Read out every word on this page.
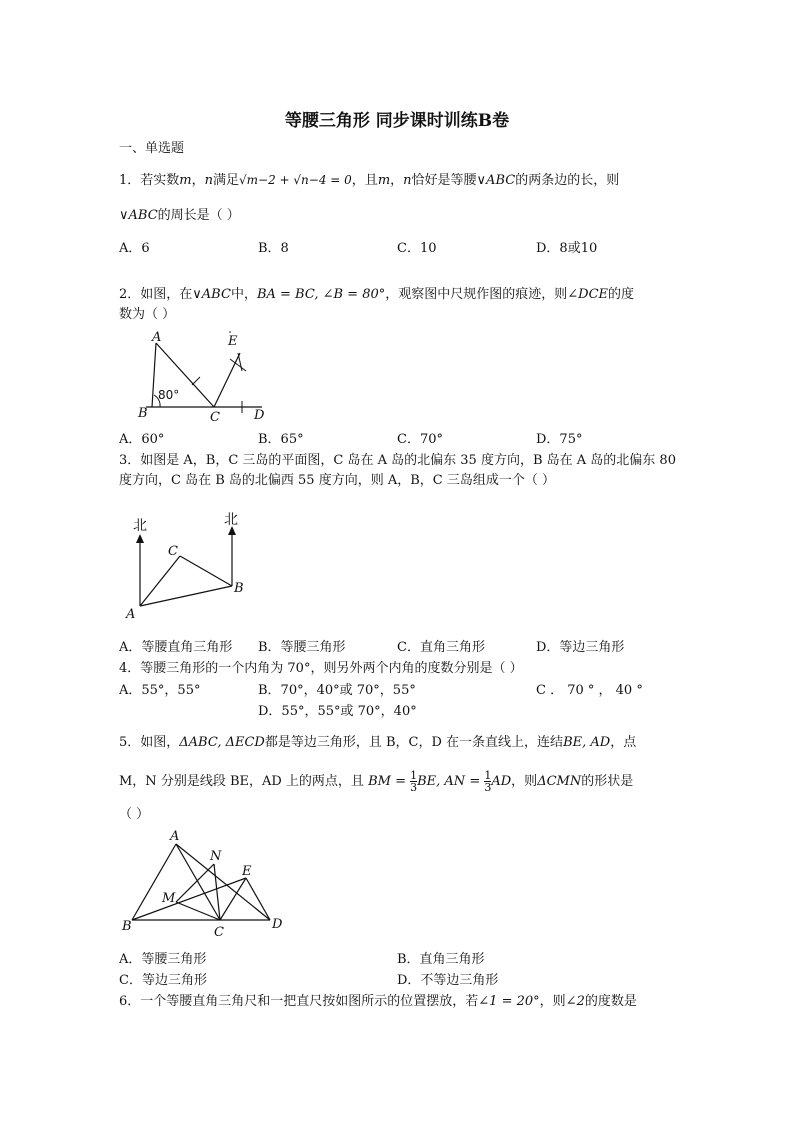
等腰三角形 同步课时训练B卷
一、单选题
1．若实数m，n满足√m−2 + √n−4 = 0，且m，n恰好是等腰∨ABC的两条边的长，则
∨ABC的周长是（ ）
A．6	B．8	C．10	D．8或10
2．如图，在∨ABC中，BA = BC, ∠B = 80°，观察图中尺规作图的痕迹，则∠DCE的度
数为（ ）
A
B	C	D
E
80°
A．60°	B．65°	C．70°	D．75°
3．如图是 A，B，C 三岛的平面图，C 岛在 A 岛的北偏东 35 度方向，B 岛在 A 岛的北偏东 80
度方向，C 岛在 B 岛的北偏西 55 度方向，则 A，B，C 三岛组成一个（ ）
北	北
A
B
C
A．等腰直角三角形 B．等腰三角形	C．直角三角形	D．等边三角形
4．等腰三角形的一个内角为 70°，则另外两个内角的度数分别是（ ）
A．55°，55°	B．70°，40°或 70°，55°	C ． 70 ° ， 40 °
D．55°，55°或 70°，40°
5．如图，ΔABC, ΔECD都是等边三角形，且 B，C，D 在一条直线上，连结BE, AD，点
M，N 分别是线段 BE，AD 上的两点，且 BM = $\frac{1}{3}$ BE, AN = $\frac{1}{3}$ AD，则ΔCMN的形状是
（ ）
A
B	C
D
E
M
N
A．等腰三角形	B．直角三角形
C．等边三角形	D．不等边三角形
6．一个等腰直角三角尺和一把直尺按如图所示的位置摆放，若∠1 = 20°，则∠2的度数是
